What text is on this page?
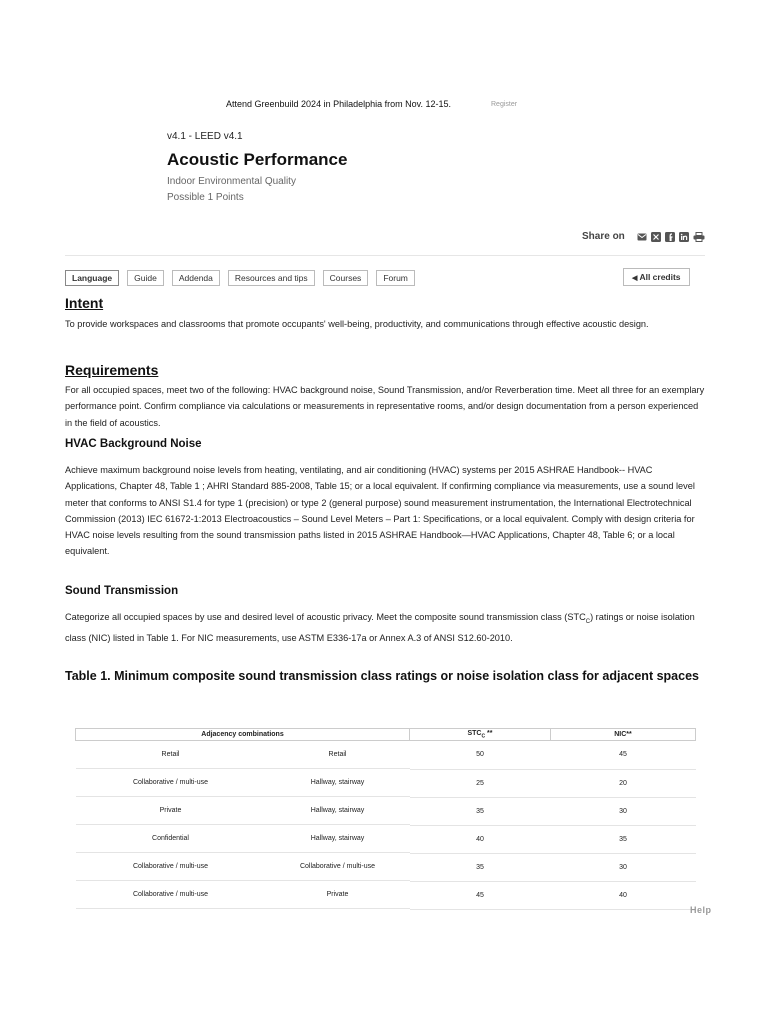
Attend Greenbuild 2024 in Philadelphia from Nov. 12-15.	Register
v4.1 - LEED v4.1
Acoustic Performance
Indoor Environmental Quality
Possible 1 Points
Share on
Language	Guide	Addenda	Resources and tips	Courses	Forum	◀ All credits
Intent

To provide workspaces and classrooms that promote occupants' well-being, productivity, and communications through effective acoustic design.

Requirements

For all occupied spaces, meet two of the following: HVAC background noise, Sound Transmission, and/or Reverberation time. Meet all three for an exemplary performance point. Confirm compliance via calculations or measurements in representative rooms, and/or design documentation from a person experienced in the field of acoustics.

HVAC Background Noise

Achieve maximum background noise levels from heating, ventilating, and air conditioning (HVAC) systems per 2015 ASHRAE Handbook-- HVAC Applications, Chapter 48, Table 1 ; AHRI Standard 885-2008, Table 15; or a local equivalent. If confirming compliance via measurements, use a sound level meter that conforms to ANSI S1.4 for type 1 (precision) or type 2 (general purpose) sound measurement instrumentation, the International Electrotechnical Commission (2013) IEC 61672-1:2013 Electroacoustics – Sound Level Meters – Part 1: Specifications, or a local equivalent. Comply with design criteria for HVAC noise levels resulting from the sound transmission paths listed in 2015 ASHRAE Handbook—HVAC Applications, Chapter 48, Table 6; or a local equivalent.

Sound Transmission

Categorize all occupied spaces by use and desired level of acoustic privacy. Meet the composite sound transmission class $(STC_C)$ ratings or noise isolation class (NIC) listed in Table 1. For NIC measurements, use ASTM E336-17a or Annex A.3 of ANSI S12.60-2010.

Table 1. Minimum composite sound transmission class ratings or noise isolation class for adjacent spaces
Adjacency combinations	$STC_C$ **	NIC**

Retail	Retail	50	45

Collaborative / multi-use	Hallway, stairway	25	20

Private	Hallway, stairway	35	30

Confidential	Hallway, stairway	40	35

Collaborative / multi-use	Collaborative / multi-use	35	30

Collaborative / multi-use	Private	45	40
Help
